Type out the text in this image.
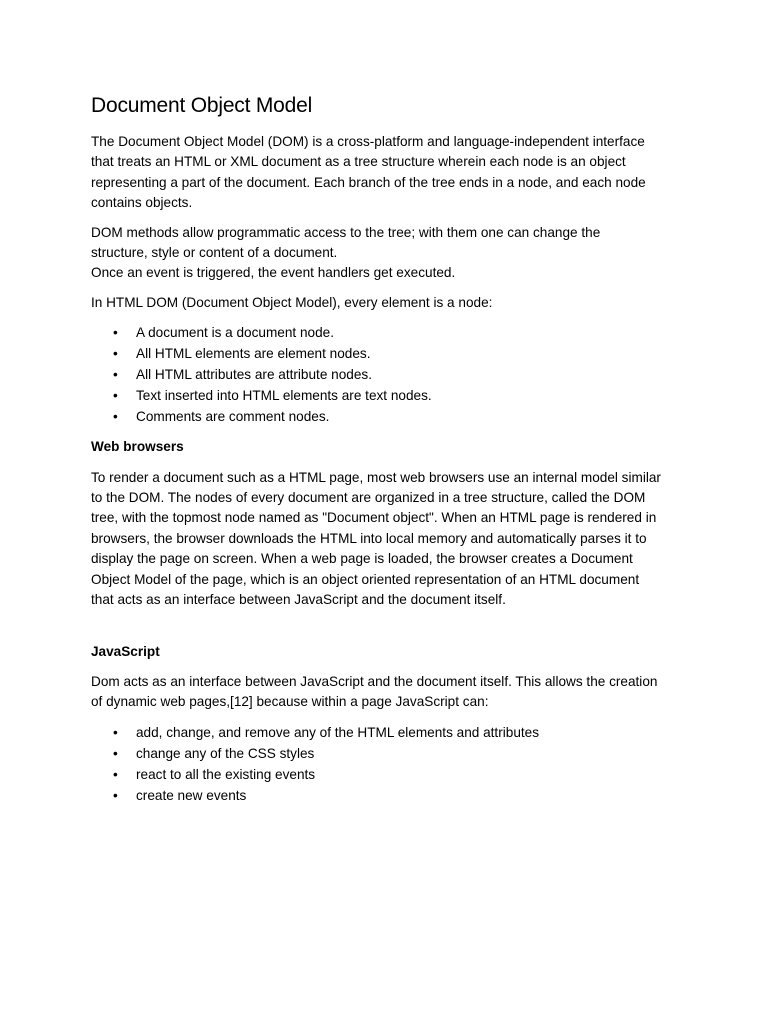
Document Object Model

The Document Object Model (DOM) is a cross-platform and language-independent interface
that treats an HTML or XML document as a tree structure wherein each node is an object
representing a part of the document. Each branch of the tree ends in a node, and each node
contains objects.

DOM methods allow programmatic access to the tree; with them one can change the
structure, style or content of a document.
Once an event is triggered, the event handlers get executed.

In HTML DOM (Document Object Model), every element is a node:

• A document is a document node.
• All HTML elements are element nodes.
• All HTML attributes are attribute nodes.
• Text inserted into HTML elements are text nodes.
• Comments are comment nodes.
Web browsers

To render a document such as a HTML page, most web browsers use an internal model similar
to the DOM. The nodes of every document are organized in a tree structure, called the DOM
tree, with the topmost node named as "Document object". When an HTML page is rendered in
browsers, the browser downloads the HTML into local memory and automatically parses it to
display the page on screen. When a web page is loaded, the browser creates a Document
Object Model of the page, which is an object oriented representation of an HTML document
that acts as an interface between JavaScript and the document itself.

JavaScript

Dom acts as an interface between JavaScript and the document itself. This allows the creation
of dynamic web pages,[12] because within a page JavaScript can:

• add, change, and remove any of the HTML elements and attributes
• change any of the CSS styles
• react to all the existing events
• create new events
